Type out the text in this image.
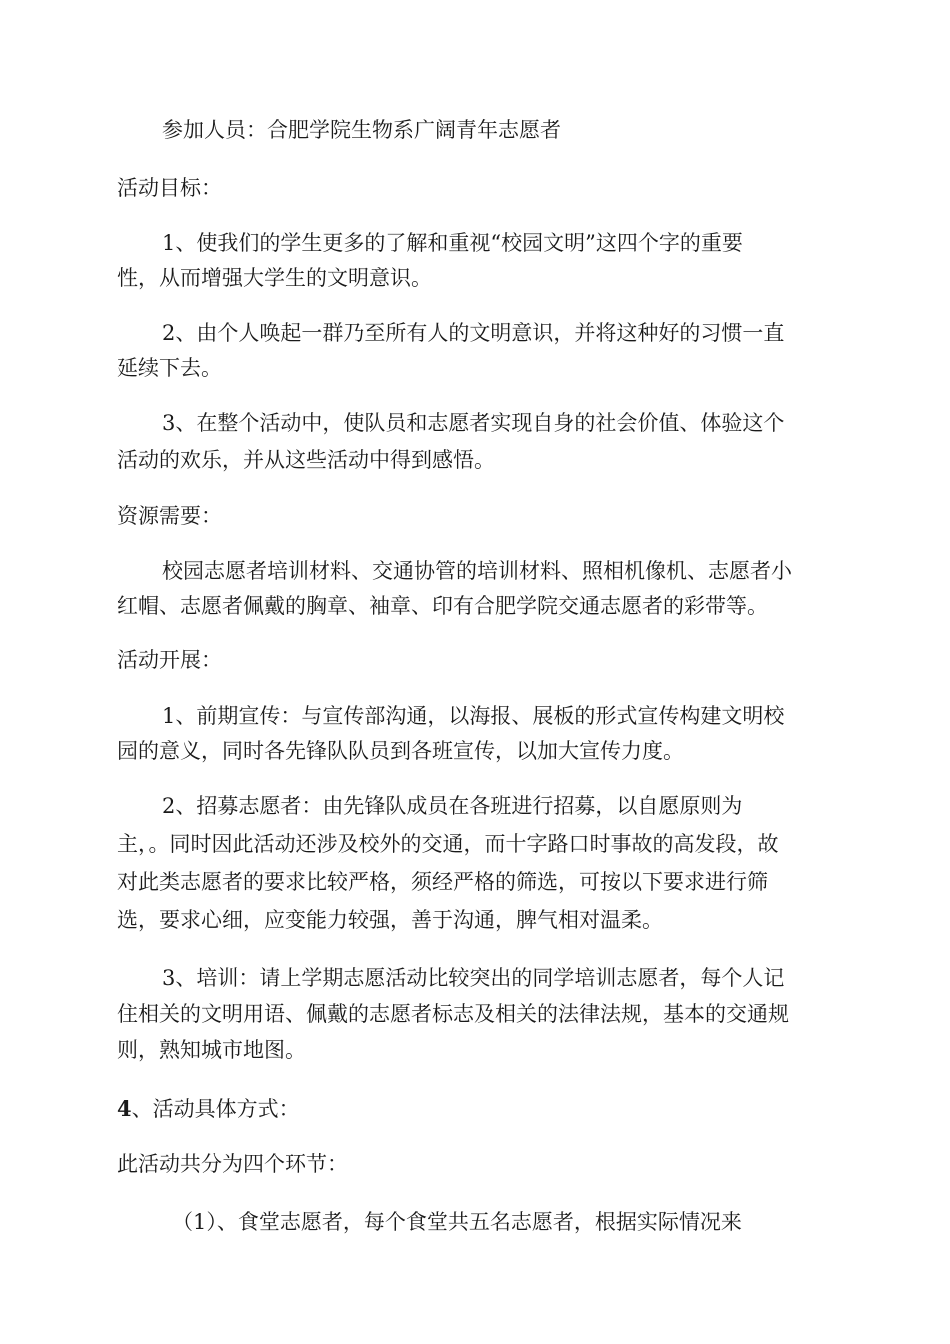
参加人员：合肥学院生物系广阔青年志愿者
活动目标：
1、使我们的学生更多的了解和重视“校园文明”这四个字的重要
性，从而增强大学生的文明意识。
2、由个人唤起一群乃至所有人的文明意识，并将这种好的习惯一直
延续下去。
3、在整个活动中，使队员和志愿者实现自身的社会价值、体验这个
活动的欢乐，并从这些活动中得到感悟。
资源需要：
校园志愿者培训材料、交通协管的培训材料、照相机像机、志愿者小
红帽、志愿者佩戴的胸章、袖章、印有合肥学院交通志愿者的彩带等。
活动开展：
1、前期宣传：与宣传部沟通，以海报、展板的形式宣传构建文明校
园的意义，同时各先锋队队员到各班宣传，以加大宣传力度。
2、招募志愿者：由先锋队成员在各班进行招募，以自愿原则为
主，。同时因此活动还涉及校外的交通，而十字路口时事故的高发段，故
对此类志愿者的要求比较严格，须经严格的筛选，可按以下要求进行筛
选，要求心细，应变能力较强，善于沟通，脾气相对温柔。
3、培训：请上学期志愿活动比较突出的同学培训志愿者，每个人记
住相关的文明用语、佩戴的志愿者标志及相关的法律法规，基本的交通规
则，熟知城市地图。
4、活动具体方式：
此活动共分为四个环节：
（1）、食堂志愿者，每个食堂共五名志愿者，根据实际情况来
